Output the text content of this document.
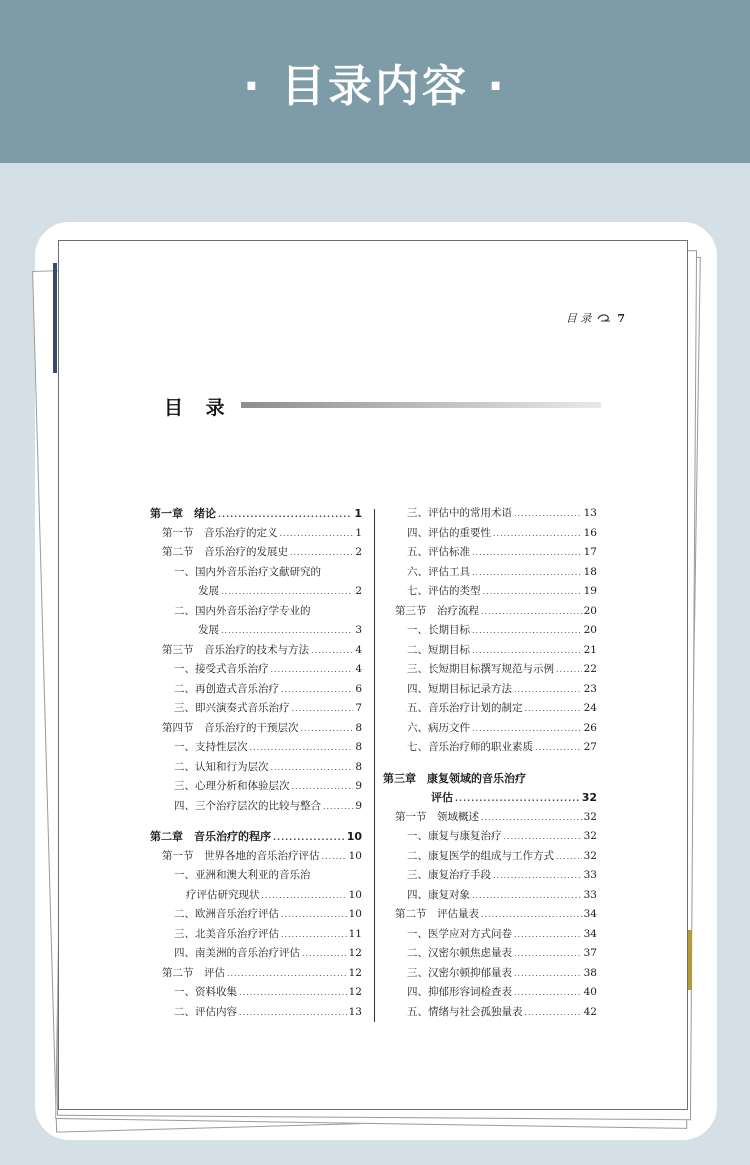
· 目录内容 ·
目 录 7
目 录
第一章　绪论 .....	1
第一节　音乐治疗的定义 .....	1
第二节　音乐治疗的发展史 .....	2
一、国内外音乐治疗文献研究的
发展 .....	2
二、国内外音乐治疗学专业的
发展 .....	3
第三节　音乐治疗的技术与方法 .....	4
一、接受式音乐治疗 .....	4
二、再创造式音乐治疗 .....	6
三、即兴演奏式音乐治疗 .....	7
第四节　音乐治疗的干预层次 .....	8
一、支持性层次 .....	8
二、认知和行为层次 .....	8
三、心理分析和体验层次 .....	9
四、三个治疗层次的比较与整合 .....	9
第二章　音乐治疗的程序 .....	10
第一节　世界各地的音乐治疗评估 .....	10
一、亚洲和澳大利亚的音乐治
疗评估研究现状 .....	10
二、欧洲音乐治疗评估 .....	10
三、北美音乐治疗评估 .....	11
四、南美洲的音乐治疗评估 .....	12
第二节　评估 .....	12
一、资料收集 .....	12
二、评估内容 .....	13
三、评估中的常用术语 .....	13
四、评估的重要性 .....	16
五、评估标准 .....	17
六、评估工具 .....	18
七、评估的类型 .....	19
第三节　治疗流程 .....	20
一、长期目标 .....	20
二、短期目标 .....	21
三、长短期目标撰写规范与示例 .....	22
四、短期目标记录方法 .....	23
五、音乐治疗计划的制定 .....	24
六、病历文件 .....	26
七、音乐治疗师的职业素质 .....	27
第三章　康复领域的音乐治疗
评估 .....	32
第一节　领域概述 .....	32
一、康复与康复治疗 .....	32
二、康复医学的组成与工作方式 .....	32
三、康复治疗手段 .....	33
四、康复对象 .....	33
第二节　评估量表 .....	34
一、医学应对方式问卷 .....	34
二、汉密尔顿焦虑量表 .....	37
三、汉密尔顿抑郁量表 .....	38
四、抑郁形容词检查表 .....	40
五、情绪与社会孤独量表 .....	42
